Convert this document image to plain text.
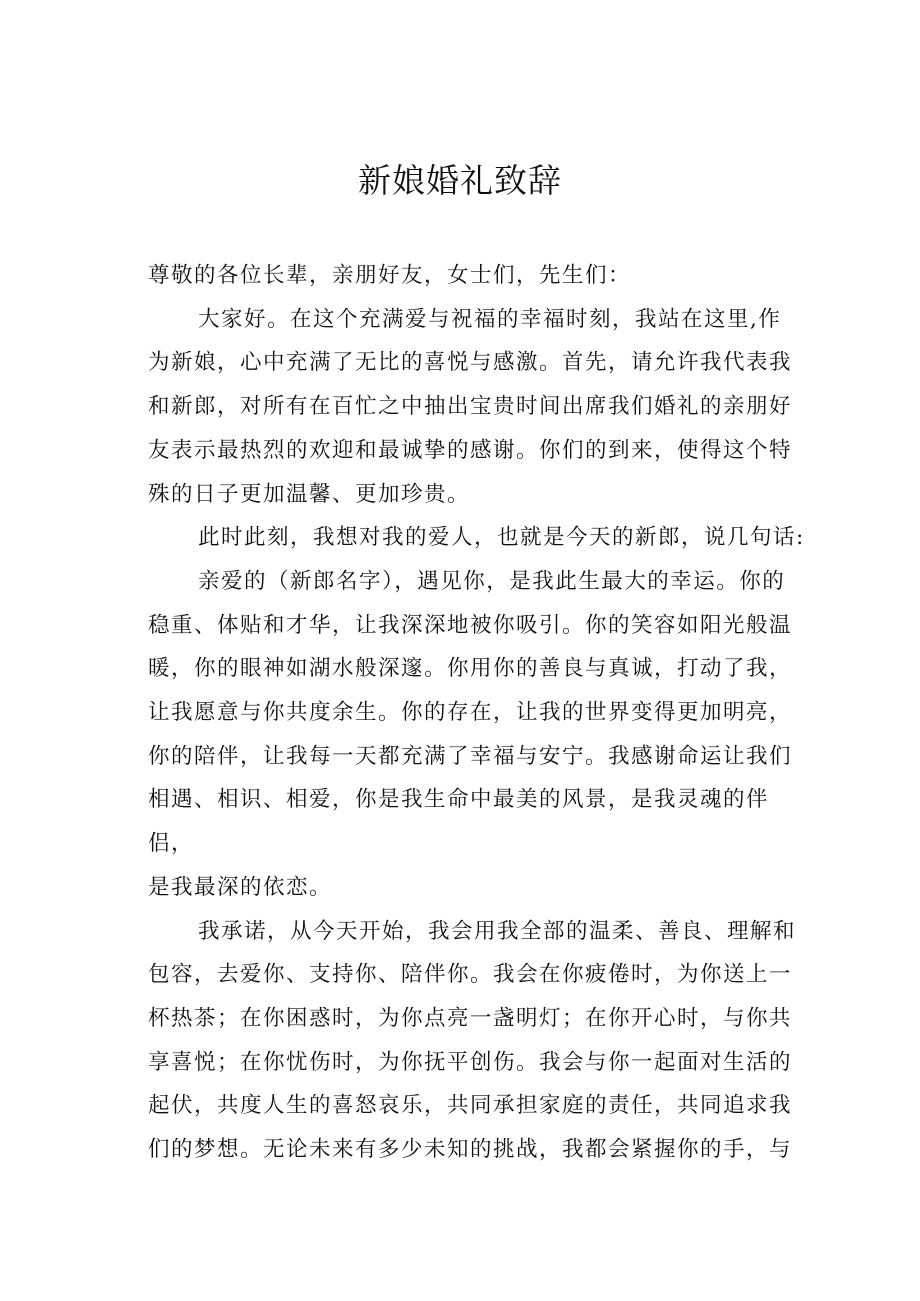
新娘婚礼致辞

尊敬的各位长辈，亲朋好友，女士们，先生们：

大家好。在这个充满爱与祝福的幸福时刻，我站在这里,作
为新娘，心中充满了无比的喜悦与感激。首先，请允许我代表我
和新郎，对所有在百忙之中抽出宝贵时间出席我们婚礼的亲朋好
友表示最热烈的欢迎和最诚挚的感谢。你们的到来，使得这个特
殊的日子更加温馨、更加珍贵。

此时此刻，我想对我的爱人，也就是今天的新郎，说几句话:

亲爱的（新郎名字），遇见你，是我此生最大的幸运。你的
稳重、体贴和才华，让我深深地被你吸引。你的笑容如阳光般温
暖，你的眼神如湖水般深邃。你用你的善良与真诚，打动了我，
让我愿意与你共度余生。你的存在，让我的世界变得更加明亮，
你的陪伴，让我每一天都充满了幸福与安宁。我感谢命运让我们
相遇、相识、相爱，你是我生命中最美的风景，是我灵魂的伴侣，
是我最深的依恋。

我承诺，从今天开始，我会用我全部的温柔、善良、理解和
包容，去爱你、支持你、陪伴你。我会在你疲倦时，为你送上一
杯热茶；在你困惑时，为你点亮一盏明灯；在你开心时，与你共
享喜悦；在你忧伤时，为你抚平创伤。我会与你一起面对生活的
起伏，共度人生的喜怒哀乐，共同承担家庭的责任，共同追求我
们的梦想。无论未来有多少未知的挑战，我都会紧握你的手，与
